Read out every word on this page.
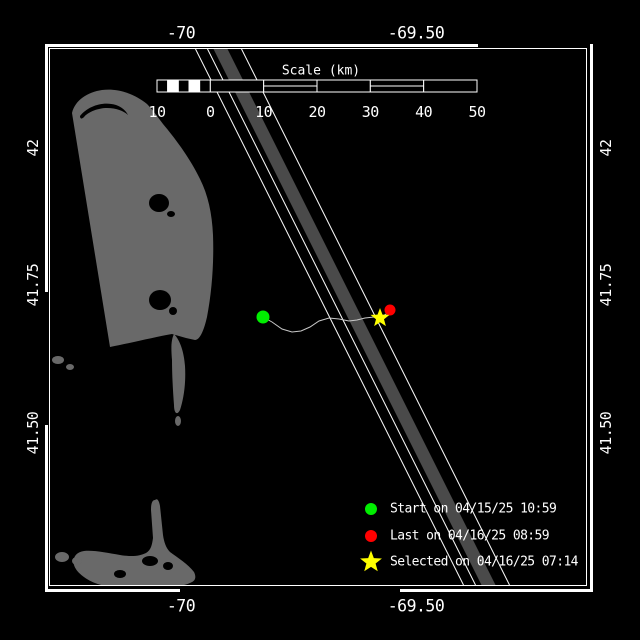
-70	-69.50
-70	-69.50
42
41.75
41.50
42
41.75
41.50
Scale (km)
10	0	10 20 30 40 50
Start on 04/15/25 10:59
Last on 04/16/25 08:59
Selected on 04/16/25 07:14
